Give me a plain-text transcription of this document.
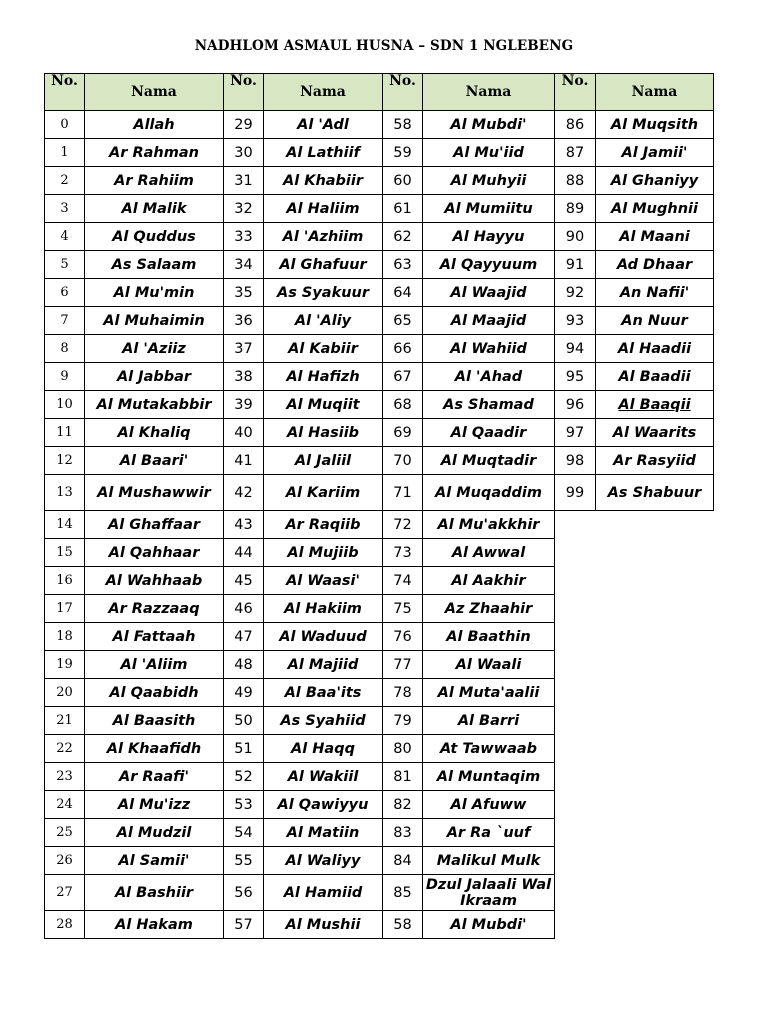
NADHLOM ASMAUL HUSNA – SDN 1 NGLEBENG
No.	Nama	No.	Nama	No.	Nama	No.	Nama
0	Allah	29	Al 'Adl	58	Al Mubdi'	86	Al Muqsith
1	Ar Rahman	30	Al Lathiif	59	Al Mu'iid	87	Al Jamii'
2	Ar Rahiim	31	Al Khabiir	60	Al Muhyii	88	Al Ghaniyy
3	Al Malik	32	Al Haliim	61	Al Mumiitu	89	Al Mughnii
4	Al Quddus	33	Al 'Azhiim	62	Al Hayyu	90	Al Maani
5	As Salaam	34	Al Ghafuur	63	Al Qayyuum	91	Ad Dhaar
6	Al Mu'min	35	As Syakuur	64	Al Waajid	92	An Nafii'
7	Al Muhaimin	36	Al 'Aliy	65	Al Maajid	93	An Nuur
8	Al 'Aziiz	37	Al Kabiir	66	Al Wahiid	94	Al Haadii
9	Al Jabbar	38	Al Hafizh	67	Al 'Ahad	95	Al Baadii
10	Al Mutakabbir	39	Al Muqiit	68	As Shamad	96	Al Baaqii
11	Al Khaliq	40	Al Hasiib	69	Al Qaadir	97	Al Waarits
12	Al Baari'	41	Al Jaliil	70	Al Muqtadir	98	Ar Rasyiid
13	Al Mushawwir	42	Al Kariim	71	Al Muqaddim	99	As Shabuur
14	Al Ghaffaar	43	Ar Raqiib	72	Al Mu'akkhir		
15	Al Qahhaar	44	Al Mujiib	73	Al Awwal		
16	Al Wahhaab	45	Al Waasi'	74	Al Aakhir		
17	Ar Razzaaq	46	Al Hakiim	75	Az Zhaahir		
18	Al Fattaah	47	Al Waduud	76	Al Baathin		
19	Al 'Aliim	48	Al Majiid	77	Al Waali		
20	Al Qaabidh	49	Al Baa'its	78	Al Muta'aalii		
21	Al Baasith	50	As Syahiid	79	Al Barri		
22	Al Khaafidh	51	Al Haqq	80	At Tawwaab		
23	Ar Raafi'	52	Al Wakiil	81	Al Muntaqim		
24	Al Mu'izz	53	Al Qawiyyu	82	Al Afuww		
25	Al Mudzil	54	Al Matiin	83	Ar Ra `uuf		
26	Al Samii'	55	Al Waliyy	84	Malikul Mulk		
27	Al Bashiir	56	Al Hamiid	85	Dzul Jalaali Wal Ikraam		
28	Al Hakam	57	Al Mushii	58	Al Mubdi'		
